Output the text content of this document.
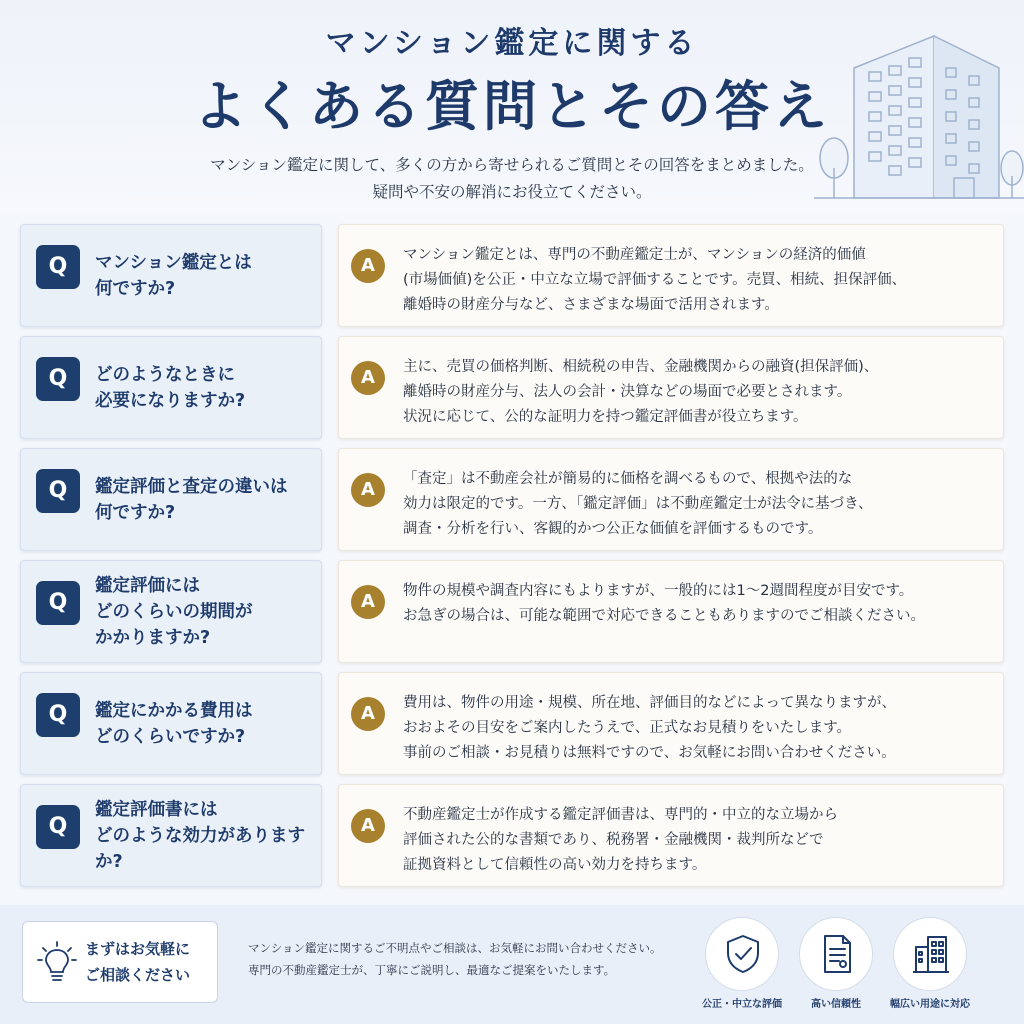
マンション鑑定に関する
よくある質問とその答え
マンション鑑定に関して、多くの方から寄せられるご質問とその回答をまとめました。
疑問や不安の解消にお役立てください。
Q	マンション鑑定とは
何ですか?
A	マンション鑑定とは、専門の不動産鑑定士が、マンションの経済的価値
(市場価値)を公正・中立な立場で評価することです。売買、相続、担保評価、
離婚時の財産分与など、さまざまな場面で活用されます。
Q	どのようなときに
必要になりますか?
A	主に、売買の価格判断、相続税の申告、金融機関からの融資(担保評価)、
離婚時の財産分与、法人の会計・決算などの場面で必要とされます。
状況に応じて、公的な証明力を持つ鑑定評価書が役立ちます。
Q	鑑定評価と査定の違いは
何ですか?
A	「査定」は不動産会社が簡易的に価格を調べるもので、根拠や法的な
効力は限定的です。一方、「鑑定評価」は不動産鑑定士が法令に基づき、
調査・分析を行い、客観的かつ公正な価値を評価するものです。
Q
鑑定評価には
どのくらいの期間が
かかりますか?
A	物件の規模や調査内容にもよりますが、一般的には1〜2週間程度が目安です。
お急ぎの場合は、可能な範囲で対応できることもありますのでご相談ください。
Q	鑑定にかかる費用は
どのくらいですか?
A	費用は、物件の用途・規模、所在地、評価目的などによって異なりますが、
おおよその目安をご案内したうえで、正式なお見積りをいたします。
事前のご相談・お見積りは無料ですので、お気軽にお問い合わせください。
Q
鑑定評価書には
どのような効力がありますか?
A	不動産鑑定士が作成する鑑定評価書は、専門的・中立的な立場から
評価された公的な書類であり、税務署・金融機関・裁判所などで
証拠資料として信頼性の高い効力を持ちます。
まずはお気軽に
ご相談ください
マンション鑑定に関するご不明点やご相談は、お気軽にお問い合わせください。
専門の不動産鑑定士が、丁寧にご説明し、最適なご提案をいたします。
公正・中立な評価	高い信頼性	幅広い用途に対応
